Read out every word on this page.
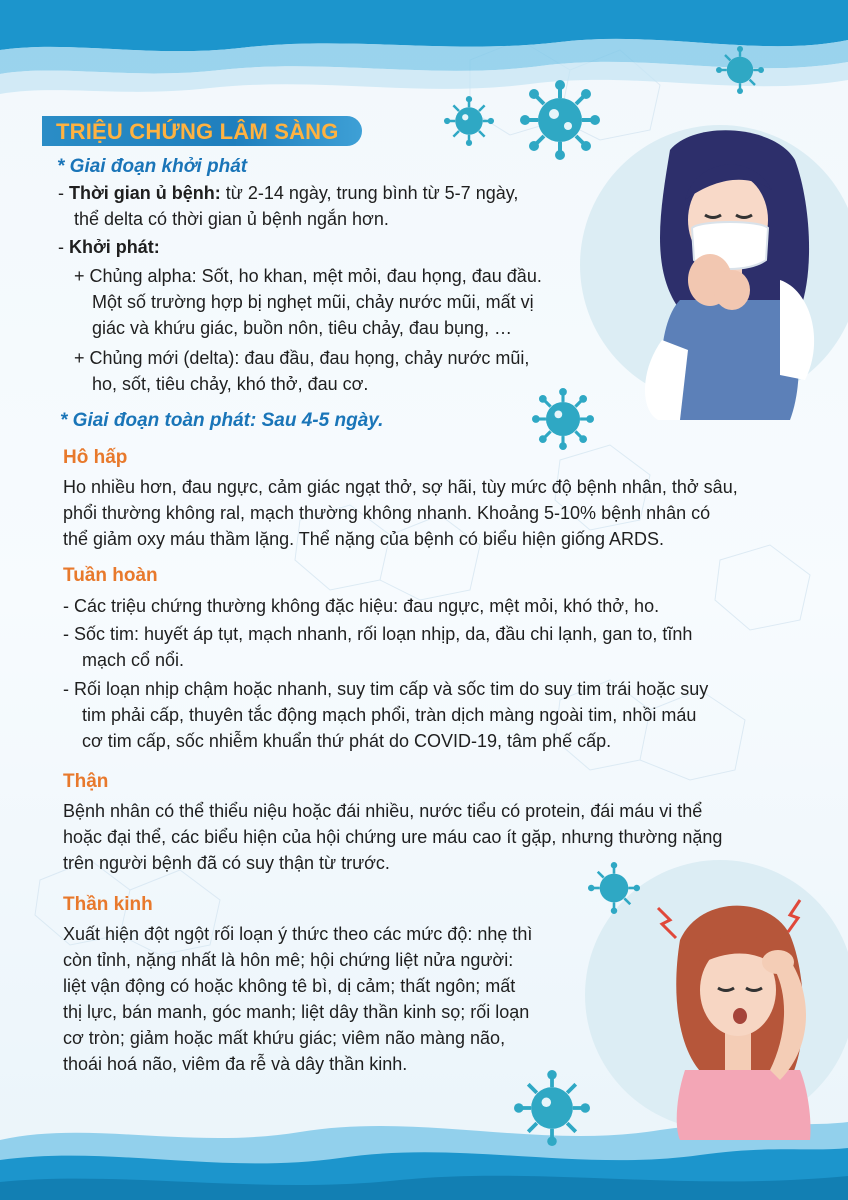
TRIỆU CHỨNG LÂM SÀNG
* Giai đoạn khởi phát
- Thời gian ủ bệnh: từ 2-14 ngày, trung bình từ 5-7 ngày,
thể delta có thời gian ủ bệnh ngắn hơn.
- Khởi phát:
+ Chủng alpha: Sốt, ho khan, mệt mỏi, đau họng, đau đầu.
Một số trường hợp bị nghẹt mũi, chảy nước mũi, mất vị
giác và khứu giác, buồn nôn, tiêu chảy, đau bụng, …
+ Chủng mới (delta): đau đầu, đau họng, chảy nước mũi,
ho, sốt, tiêu chảy, khó thở, đau cơ.
* Giai đoạn toàn phát: Sau 4-5 ngày.
Hô hấp
Ho nhiều hơn, đau ngực, cảm giác ngạt thở, sợ hãi, tùy mức độ bệnh nhân, thở sâu,
phổi thường không ral, mạch thường không nhanh. Khoảng 5-10% bệnh nhân có
thể giảm oxy máu thầm lặng. Thể nặng của bệnh có biểu hiện giống ARDS.
Tuần hoàn
- Các triệu chứng thường không đặc hiệu: đau ngực, mệt mỏi, khó thở, ho.
- Sốc tim: huyết áp tụt, mạch nhanh, rối loạn nhịp, da, đầu chi lạnh, gan to, tĩnh
mạch cổ nổi.
- Rối loạn nhịp chậm hoặc nhanh, suy tim cấp và sốc tim do suy tim trái hoặc suy
tim phải cấp, thuyên tắc động mạch phổi, tràn dịch màng ngoài tim, nhồi máu
cơ tim cấp, sốc nhiễm khuẩn thứ phát do COVID-19, tâm phế cấp.
Thận
Bệnh nhân có thể thiểu niệu hoặc đái nhiều, nước tiểu có protein, đái máu vi thể
hoặc đại thể, các biểu hiện của hội chứng ure máu cao ít gặp, nhưng thường nặng
trên người bệnh đã có suy thận từ trước.
Thần kinh
Xuất hiện đột ngột rối loạn ý thức theo các mức độ: nhẹ thì
còn tỉnh, nặng nhất là hôn mê; hội chứng liệt nửa người:
liệt vận động có hoặc không tê bì, dị cảm; thất ngôn; mất
thị lực, bán manh, góc manh; liệt dây thần kinh sọ; rối loạn
cơ tròn; giảm hoặc mất khứu giác; viêm não màng não,
thoái hoá não, viêm đa rễ và dây thần kinh.
